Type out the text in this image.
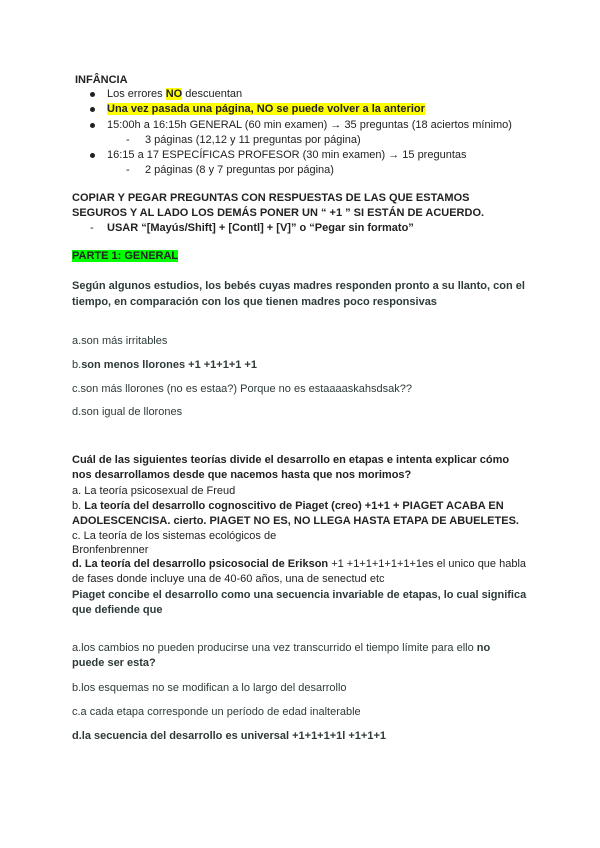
INFÂNCIA
Los errores NO descuentan
Una vez pasada una página, NO se puede volver a la anterior
15:00h a 16:15h GENERAL (60 min examen) → 35 preguntas (18 aciertos mínimo)
- 3 páginas (12,12 y 11 preguntas por página)
16:15 a 17 ESPECÍFICAS PROFESOR (30 min examen) → 15 preguntas
- 2 páginas (8 y 7 preguntas por página)
COPIAR Y PEGAR PREGUNTAS CON RESPUESTAS DE LAS QUE ESTAMOS
SEGUROS Y AL LADO LOS DEMÁS PONER UN “ +1 ” SI ESTÁN DE ACUERDO.
- USAR “[Mayús/Shift] + [Contl] + [V]” o “Pegar sin formato”
PARTE 1: GENERAL
Según algunos estudios, los bebés cuyas madres responden pronto a su llanto, con el
tiempo, en comparación con los que tienen madres poco responsivas
a.son más irritables
b.son menos llorones +1 +1+1+1 +1
c.son más llorones (no es estaa?) Porque no es estaaaaskahsdsak??
d.son igual de llorones
Cuál de las siguientes teorías divide el desarrollo en etapas e intenta explicar cómo
nos desarrollamos desde que nacemos hasta que nos morimos?
a. La teoría psicosexual de Freud
b. La teoría del desarrollo cognoscitivo de Piaget (creo) +1+1 + PIAGET ACABA EN
ADOLESCENCISA. cierto. PIAGET NO ES, NO LLEGA HASTA ETAPA DE ABUELETES.
c. La teoría de los sistemas ecológicos de
Bronfenbrenner
d. La teoría del desarrollo psicosocial de Erikson +1 +1+1+1+1+1+1es el unico que habla
de fases donde incluye una de 40-60 años, una de senectud etc
Piaget concibe el desarrollo como una secuencia invariable de etapas, lo cual significa
que defiende que
a.los cambios no pueden producirse una vez transcurrido el tiempo límite para ello no
puede ser esta?
b.los esquemas no se modifican a lo largo del desarrollo
c.a cada etapa corresponde un período de edad inalterable
d.la secuencia del desarrollo es universal +1+1+1+1l +1+1+1
